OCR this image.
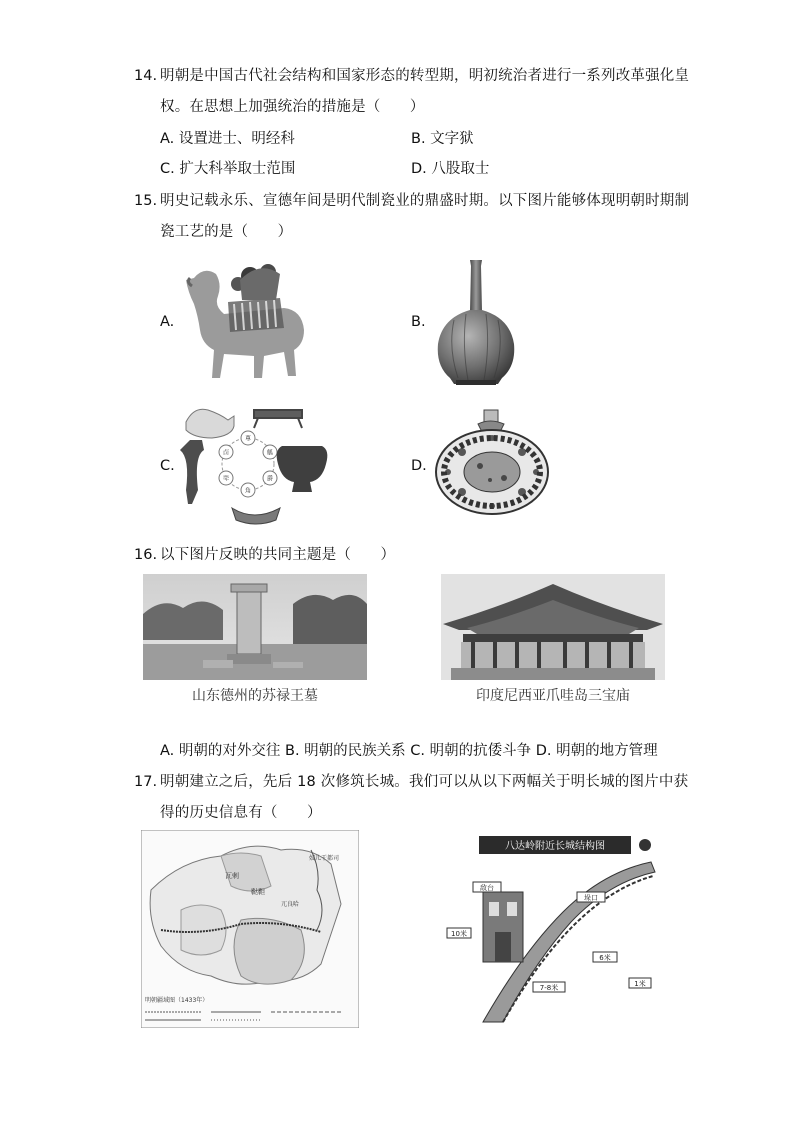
14. 明朝是中国古代社会结构和国家形态的转型期，明初统治者进行一系列改革强化皇
权。在思想上加强统治的措施是（　　）
A. 设置进士、明经科	B. 文字狱
C. 扩大科举取士范围	D. 八股取士
15. 明史记载永乐、宣德年间是明代制瓷业的鼎盛时期。以下图片能够体现明朝时期制
瓷工艺的是（　　）
A.	B.
C.	D.
尊
觚
爵
角
斝
卣
16. 以下图片反映的共同主题是（　　）
山东德州的苏禄王墓	印度尼西亚爪哇岛三宝庙
A. 明朝的对外交往 B. 明朝的民族关系 C. 明朝的抗倭斗争 D. 明朝的地方管理
17. 明朝建立之后，先后 18 次修筑长城。我们可以从以下两幅关于明长城的图片中获
得的历史信息有（　　）
瓦剌
鞑靼
兀良哈
奴儿干都司
明朝疆域图（1433年）
八达岭附近长城结构图
敌台
垛口
10米
6米
7-8米	1米
